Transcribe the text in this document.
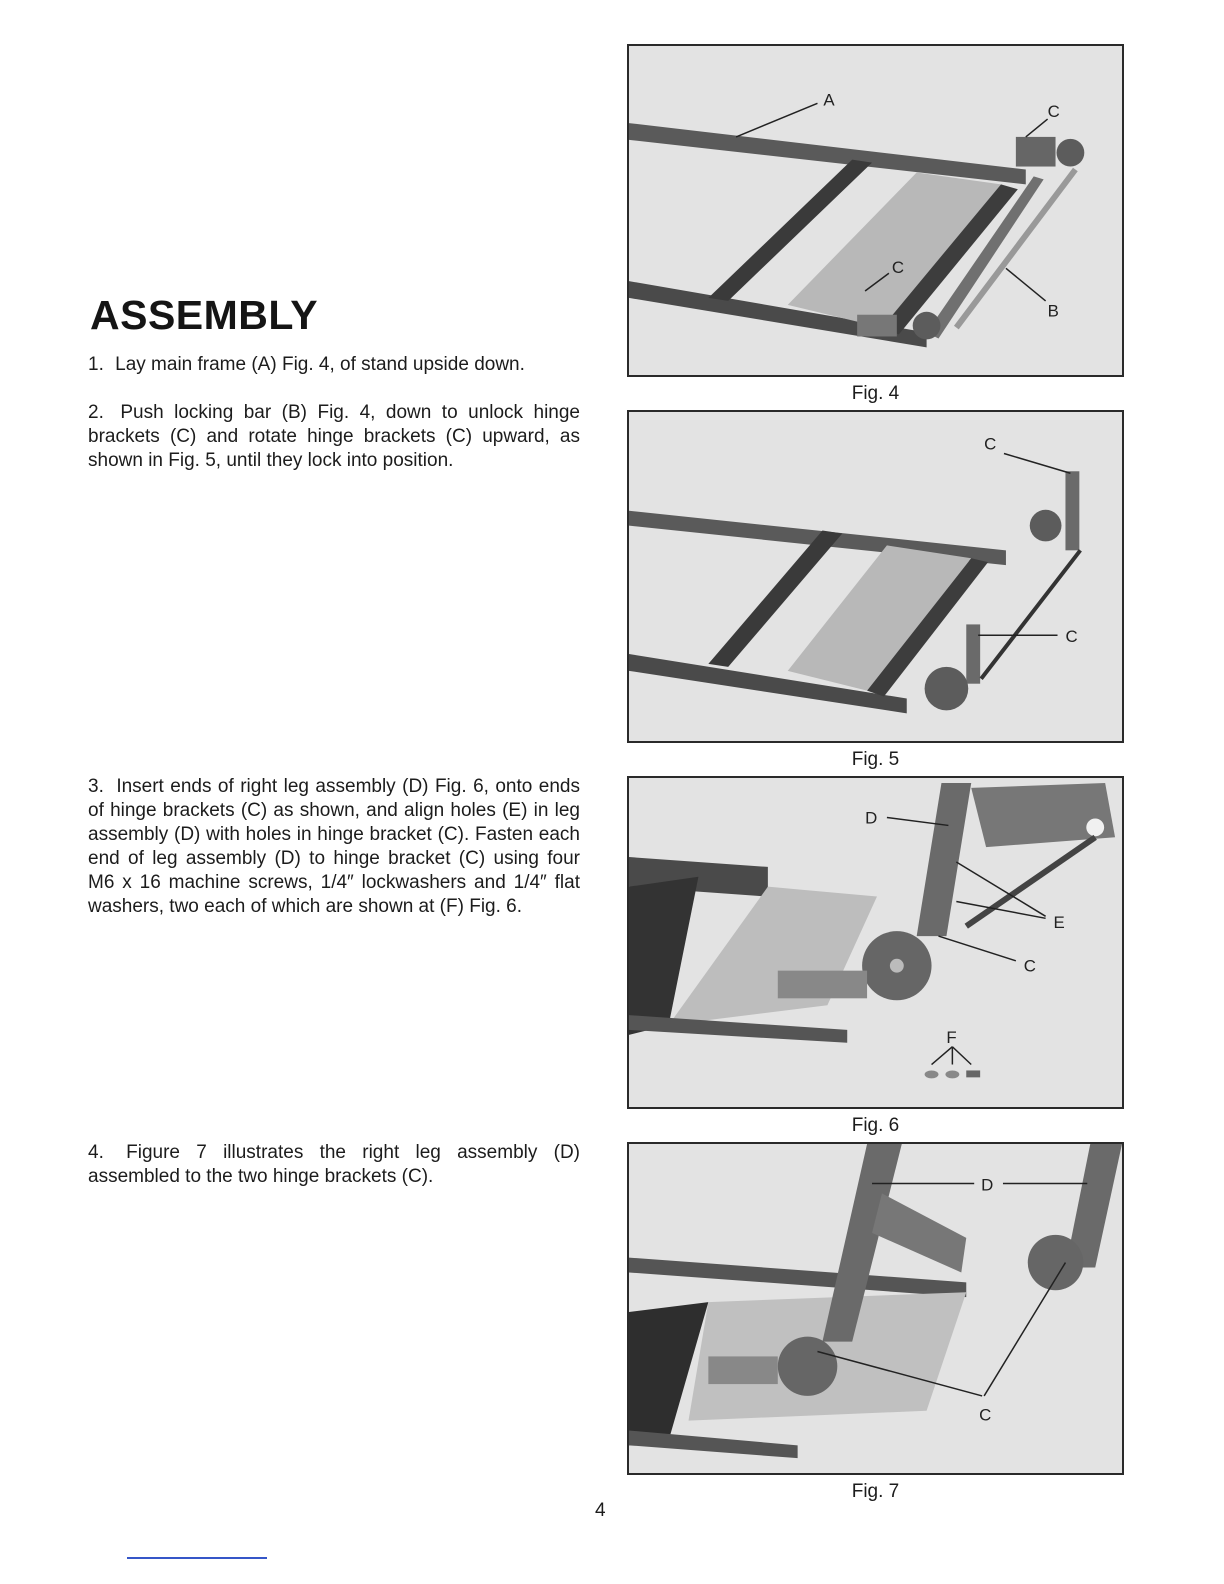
ASSEMBLY

1. Lay main frame (A) Fig. 4, of stand upside down.

2. Push locking bar (B) Fig. 4, down to unlock hinge brackets (C) and rotate hinge brackets (C) upward, as shown in Fig. 5, until they lock into position.

3. Insert ends of right leg assembly (D) Fig. 6, onto ends of hinge brackets (C) as shown, and align holes (E) in leg assembly (D) with holes in hinge bracket (C). Fasten each end of leg assembly (D) to hinge bracket (C) using four M6 x 16 machine screws, 1/4″ lockwashers and 1/4″ flat washers, two each of which are shown at (F) Fig. 6.

4. Figure 7 illustrates the right leg assembly (D) assembled to the two hinge brackets (C).

A
C
C
B
Fig. 4
C
C
Fig. 5
D
E
C
F
Fig. 6
D
C
Fig. 7
4
